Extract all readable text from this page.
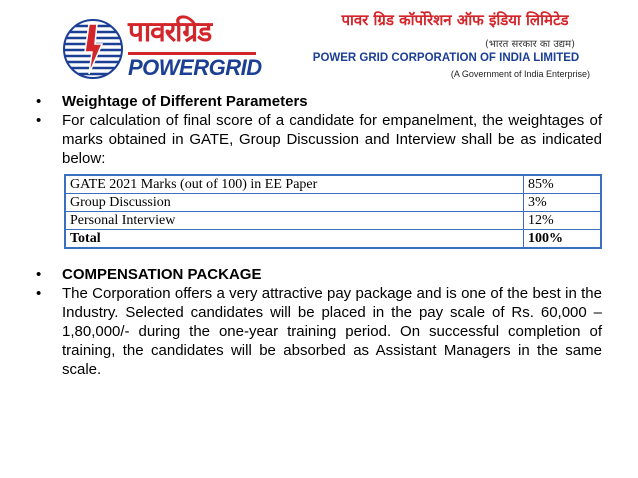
पावरग्रिड
POWERGRID
पावर ग्रिड कॉर्पोरेशन ऑफ इंडिया लिमिटेड
(भारत सरकार का उद्यम)
POWER GRID CORPORATION OF INDIA LIMITED
(A Government of India Enterprise)
•	Weightage of Different Parameters
•	For calculation of final score of a candidate for empanelment, the weightages of marks obtained in GATE, Group Discussion and Interview shall be as indicated below:
GATE 2021 Marks (out of 100) in EE Paper	85%
Group Discussion	3%
Personal Interview	12%
Total	100%
•	COMPENSATION PACKAGE
•	The Corporation offers a very attractive pay package and is one of the best in the Industry. Selected candidates will be placed in the pay scale of Rs. 60,000 – 1,80,000/- during the one-year training period. On successful completion of training, the candidates will be absorbed as Assistant Managers in the same scale.
